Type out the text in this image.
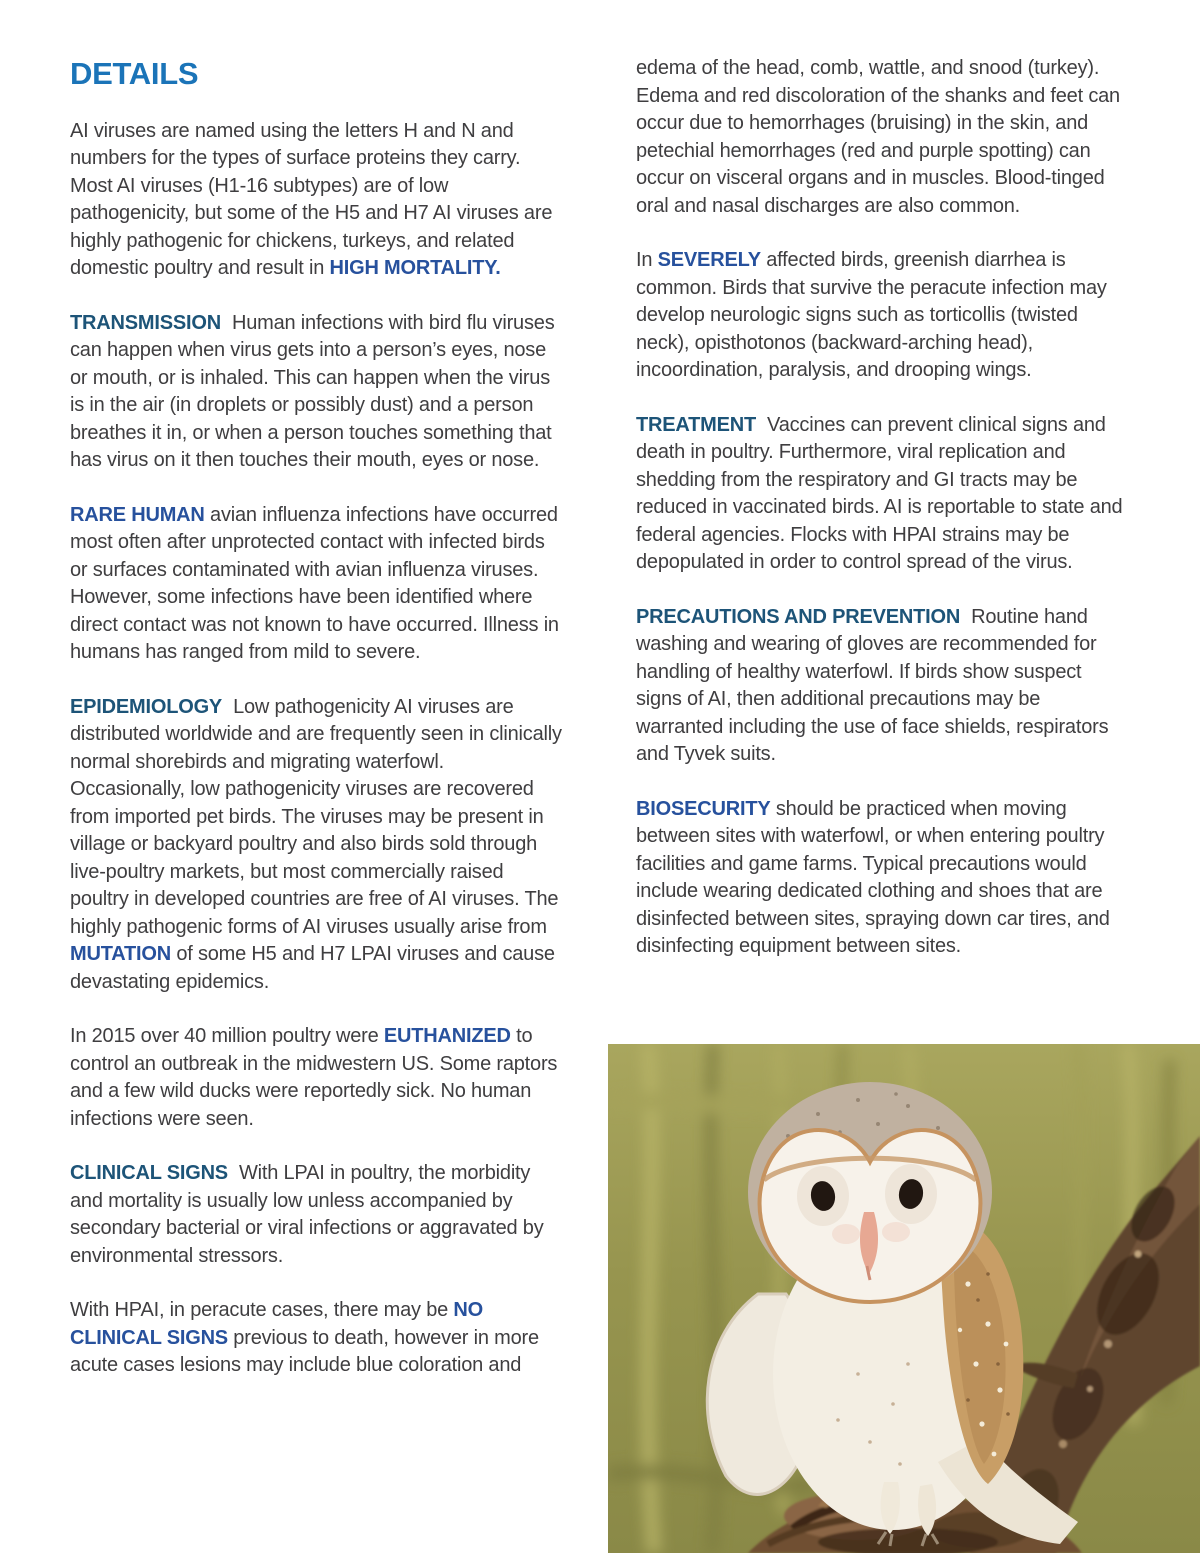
DETAILS

AI viruses are named using the letters H and N and numbers for the types of surface proteins they carry. Most AI viruses (H1-16 subtypes) are of low pathogenicity, but some of the H5 and H7 AI viruses are highly pathogenic for chickens, turkeys, and related domestic poultry and result in HIGH MORTALITY.

TRANSMISSION Human infections with bird flu viruses can happen when virus gets into a person’s eyes, nose or mouth, or is inhaled. This can happen when the virus is in the air (in droplets or possibly dust) and a person breathes it in, or when a person touches something that has virus on it then touches their mouth, eyes or nose.

RARE HUMAN avian influenza infections have occurred most often after unprotected contact with infected birds or surfaces contaminated with avian influenza viruses. However, some infections have been identified where direct contact was not known to have occurred. Illness in humans has ranged from mild to severe.

EPIDEMIOLOGY Low pathogenicity AI viruses are distributed worldwide and are frequently seen in clinically normal shorebirds and migrating waterfowl. Occasionally, low pathogenicity viruses are recovered from imported pet birds. The viruses may be present in village or backyard poultry and also birds sold through live-poultry markets, but most commercially raised poultry in developed countries are free of AI viruses. The highly pathogenic forms of AI viruses usually arise from MUTATION of some H5 and H7 LPAI viruses and cause devastating epidemics.

In 2015 over 40 million poultry were EUTHANIZED to control an outbreak in the midwestern US. Some raptors and a few wild ducks were reportedly sick. No human infections were seen.

CLINICAL SIGNS With LPAI in poultry, the morbidity and mortality is usually low unless accompanied by secondary bacterial or viral infections or aggravated by environmental stressors.

With HPAI, in peracute cases, there may be NO CLINICAL SIGNS previous to death, however in more acute cases lesions may include blue coloration and

edema of the head, comb, wattle, and snood (turkey). Edema and red discoloration of the shanks and feet can occur due to hemorrhages (bruising) in the skin, and petechial hemorrhages (red and purple spotting) can occur on visceral organs and in muscles. Blood-tinged oral and nasal discharges are also common.

In SEVERELY affected birds, greenish diarrhea is common. Birds that survive the peracute infection may develop neurologic signs such as torticollis (twisted neck), opisthotonos (backward-arching head), incoordination, paralysis, and drooping wings.

TREATMENT Vaccines can prevent clinical signs and death in poultry. Furthermore, viral replication and shedding from the respiratory and GI tracts may be reduced in vaccinated birds. AI is reportable to state and federal agencies. Flocks with HPAI strains may be depopulated in order to control spread of the virus.

PRECAUTIONS AND PREVENTION Routine hand washing and wearing of gloves are recommended for handling of healthy waterfowl. If birds show suspect signs of AI, then additional precautions may be warranted including the use of face shields, respirators and Tyvek suits.

BIOSECURITY should be practiced when moving between sites with waterfowl, or when entering poultry facilities and game farms. Typical precautions would include wearing dedicated clothing and shoes that are disinfected between sites, spraying down car tires, and disinfecting equipment between sites.
